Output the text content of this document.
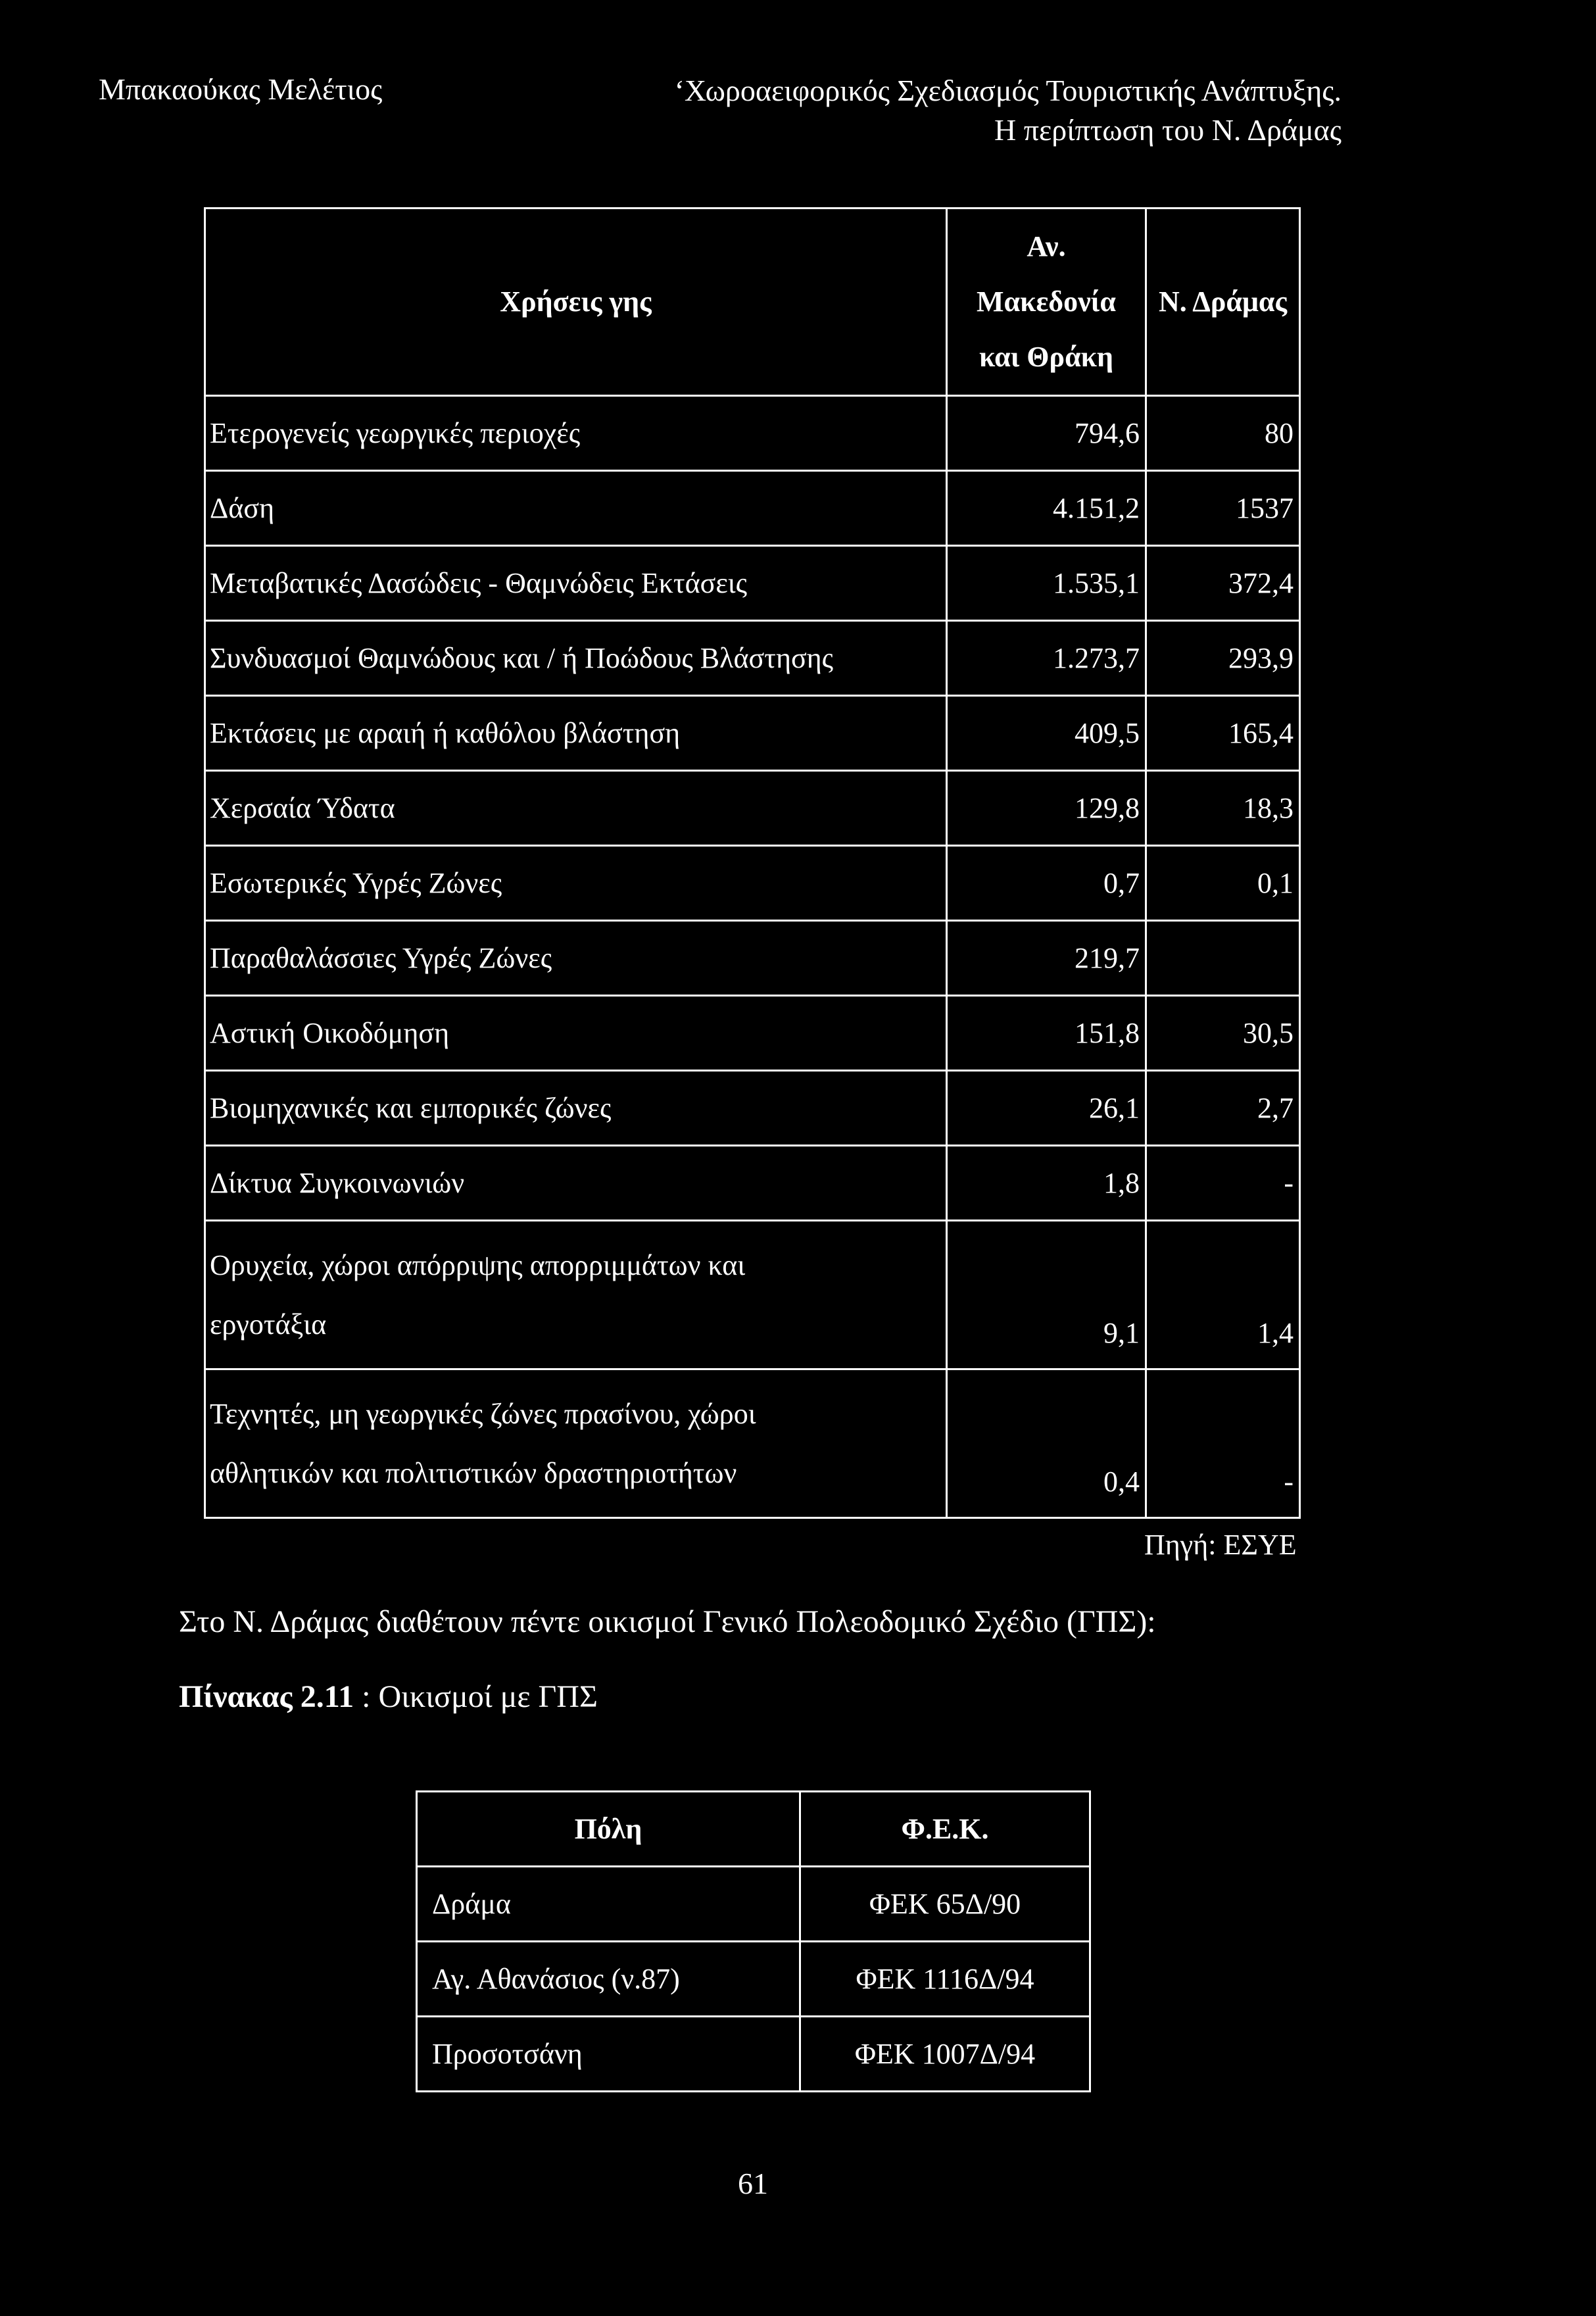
Μπακαούκας Μελέτιος	‘Χωροαειφορικός Σχεδιασμός Τουριστικής Ανάπτυξης.
Η περίπτωση του Ν. Δράμας
Χρήσεις γης	Αν.
Μακεδονία
και Θράκη	Ν. Δράμας
Ετερογενείς γεωργικές περιοχές	794,6	80
Δάση	4.151,2	1537
Μεταβατικές Δασώδεις - Θαμνώδεις Εκτάσεις	1.535,1	372,4
Συνδυασμοί Θαμνώδους και / ή Ποώδους Βλάστησης	1.273,7	293,9
Εκτάσεις με αραιή ή καθόλου βλάστηση	409,5	165,4
Χερσαία Ύδατα	129,8	18,3
Εσωτερικές Υγρές Ζώνες	0,7	0,1
Παραθαλάσσιες Υγρές Ζώνες	219,7	
Αστική Οικοδόμηση	151,8	30,5
Βιομηχανικές και εμπορικές ζώνες	26,1	2,7
Δίκτυα Συγκοινωνιών	1,8	-
Ορυχεία, χώροι απόρριψης απορριμμάτων και
εργοτάξια	9,1	1,4
Τεχνητές, μη γεωργικές ζώνες πρασίνου, χώροι
αθλητικών και πολιτιστικών δραστηριοτήτων	0,4	-
Πηγή: ΕΣΥΕ
Στο Ν. Δράμας διαθέτουν πέντε οικισμοί Γενικό Πολεοδομικό Σχέδιο (ΓΠΣ):
Πίνακας 2.11 : Οικισμοί με ΓΠΣ
Πόλη	Φ.Ε.Κ.
Δράμα	ΦΕΚ 65Δ/90
Αγ. Αθανάσιος (ν.87)	ΦΕΚ 1116Δ/94
Προσοτσάνη	ΦΕΚ 1007Δ/94
61
